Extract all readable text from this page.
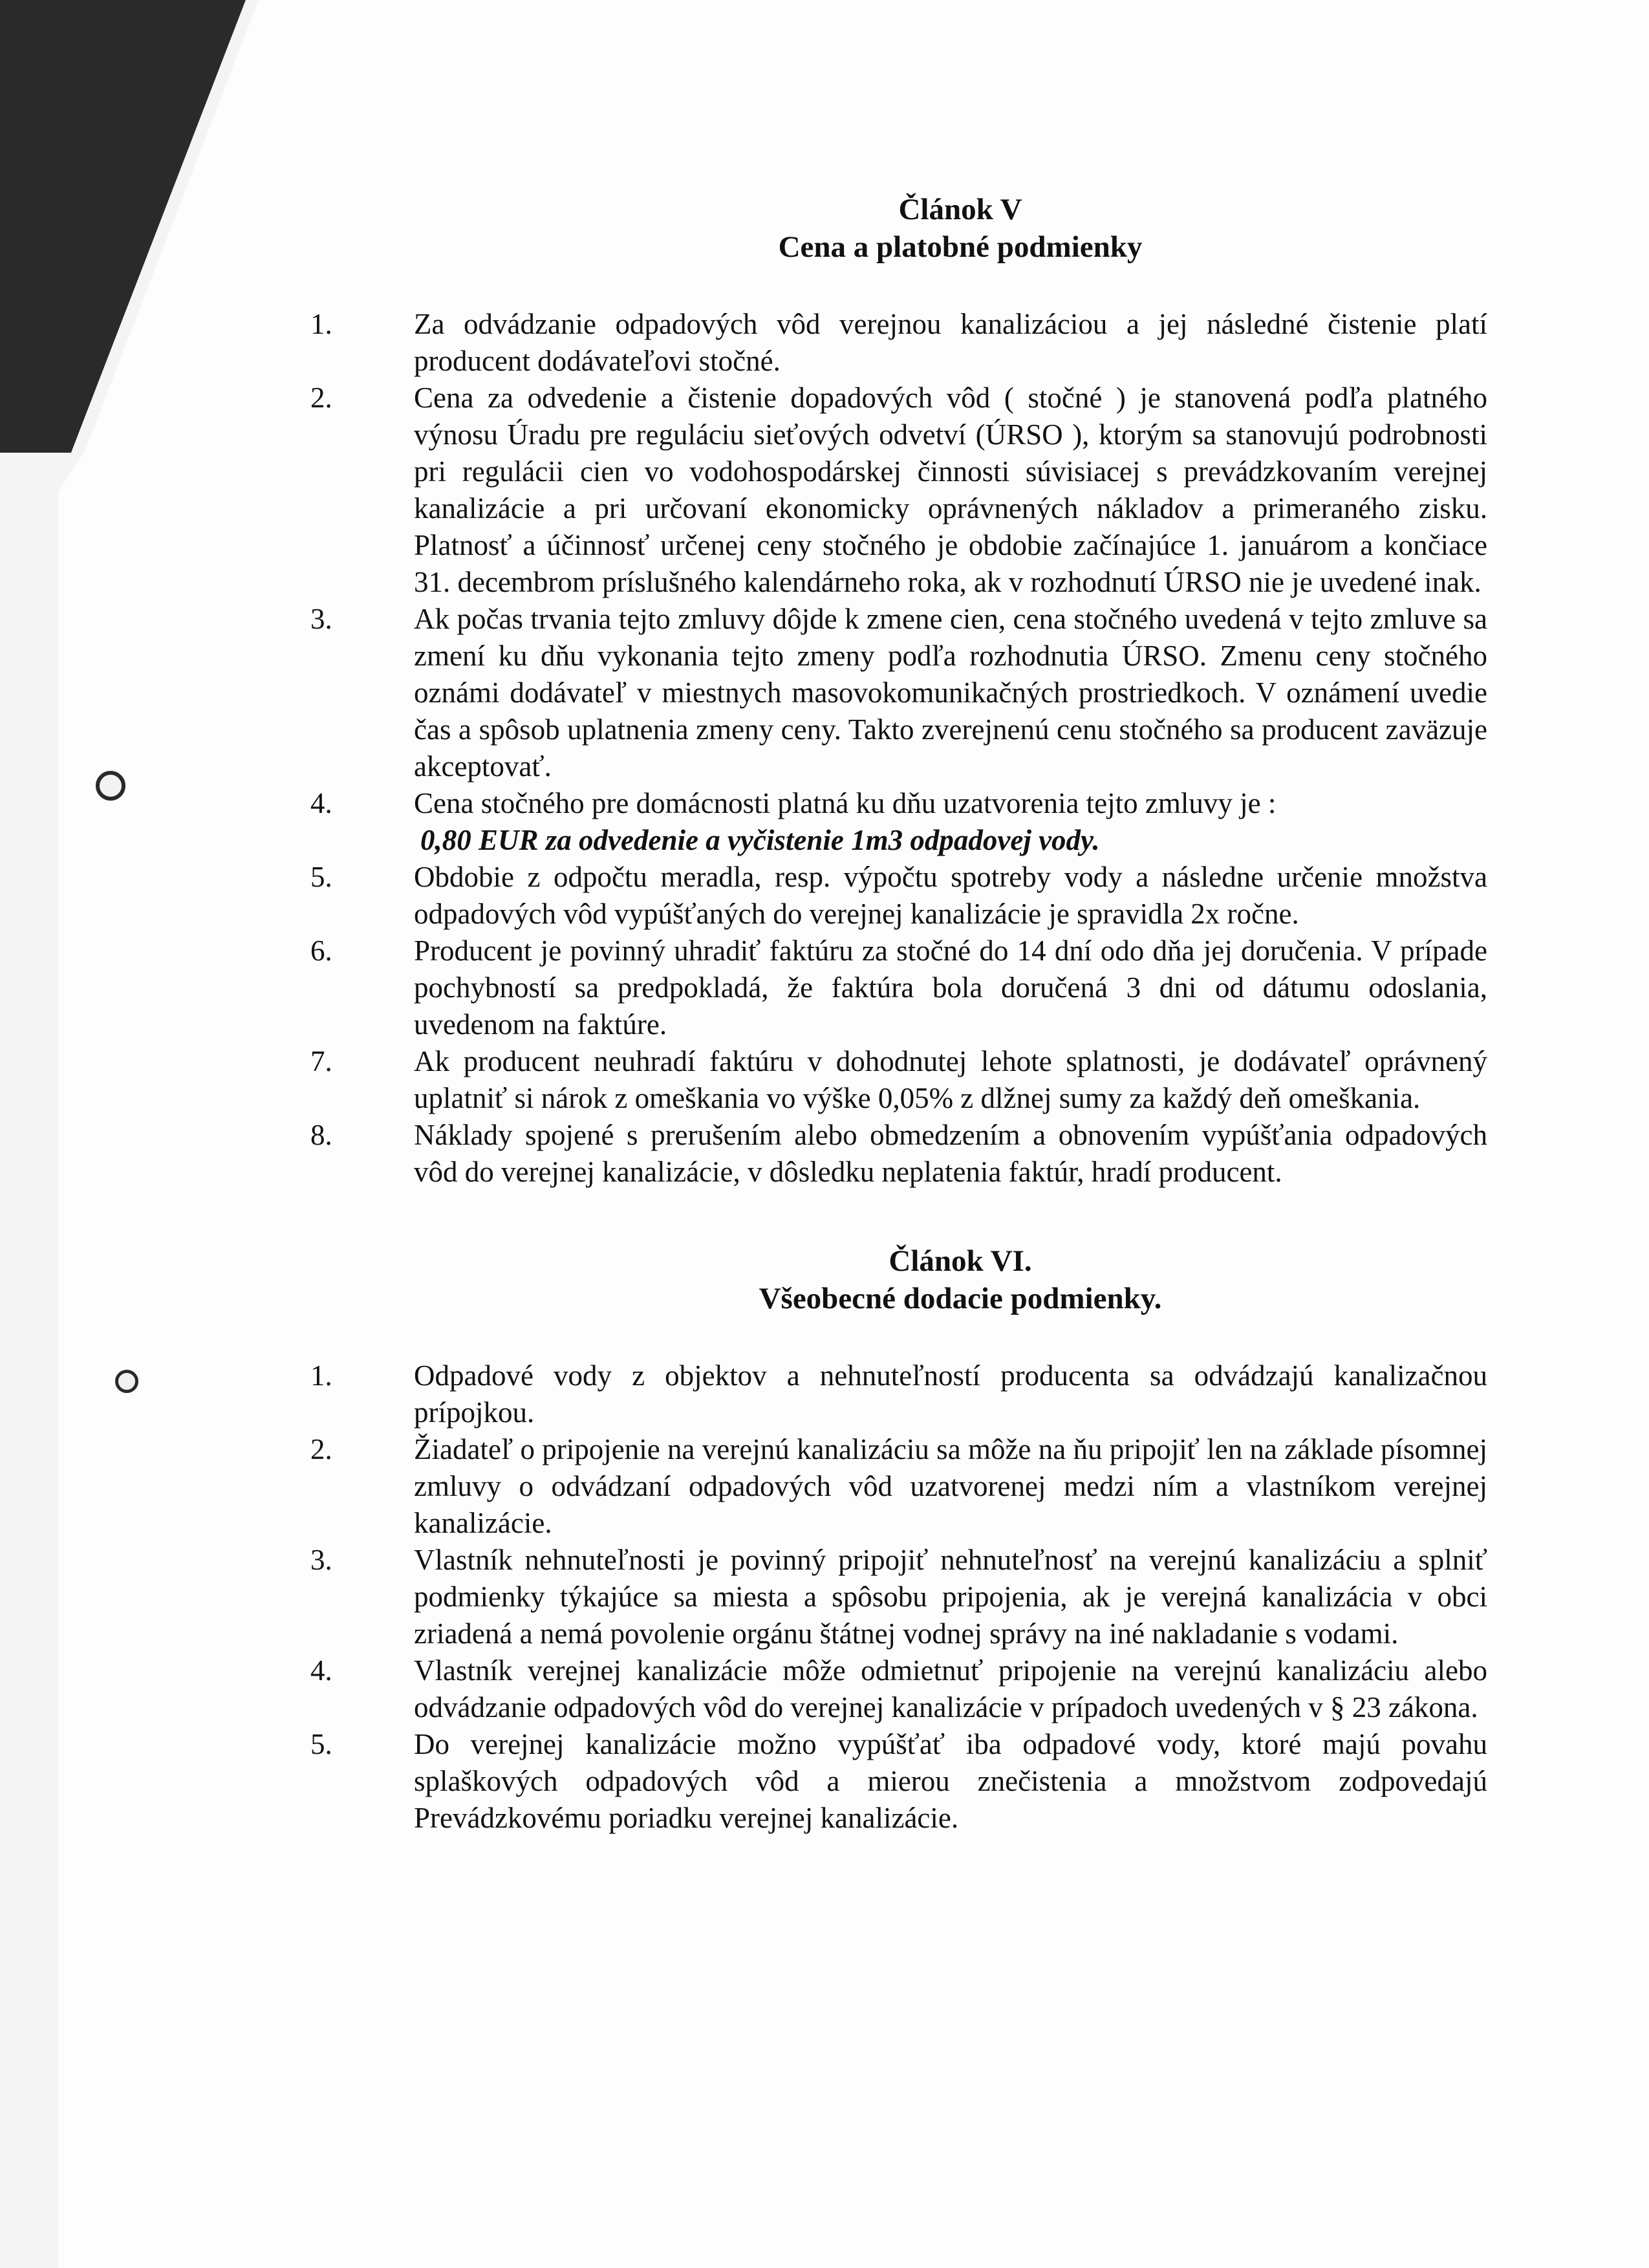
Článok V
Cena a platobné podmienky
1.	Za odvádzanie odpadových vôd verejnou kanalizáciou a jej následné čistenie platí producent dodávateľovi stočné.
2.	Cena za odvedenie a čistenie dopadových vôd ( stočné ) je stanovená podľa platného výnosu Úradu pre reguláciu sieťových odvetví (ÚRSO ), ktorým sa stanovujú podrobnosti pri regulácii cien vo vodohospodárskej činnosti súvisiacej s prevádzkovaním verejnej kanalizácie a pri určovaní ekonomicky oprávnených nákladov a primeraného zisku. Platnosť a účinnosť určenej ceny stočného je obdobie začínajúce 1. januárom a končiace 31. decembrom príslušného kalendárneho roka, ak v rozhodnutí ÚRSO nie je uvedené inak.
3.	Ak počas trvania tejto zmluvy dôjde k zmene cien, cena stočného uvedená v tejto zmluve sa zmení ku dňu vykonania tejto zmeny podľa rozhodnutia ÚRSO. Zmenu ceny stočného oznámi dodávateľ v miestnych masovokomunikačných prostriedkoch. V oznámení uvedie čas a spôsob uplatnenia zmeny ceny. Takto zverejnenú cenu stočného sa producent zaväzuje akceptovať.
4.	Cena stočného pre domácnosti platná ku dňu uzatvorenia tejto zmluvy je :
0,80 EUR za odvedenie a vyčistenie 1m3 odpadovej vody.
5.	Obdobie z odpočtu meradla, resp. výpočtu spotreby vody a následne určenie množstva odpadových vôd vypúšťaných do verejnej kanalizácie je spravidla 2x ročne.
6.	Producent je povinný uhradiť faktúru za stočné do 14 dní odo dňa jej doručenia. V prípade pochybností sa predpokladá, že faktúra bola doručená 3 dni od dátumu odoslania, uvedenom na faktúre.
7.	Ak producent neuhradí faktúru v dohodnutej lehote splatnosti, je dodávateľ oprávnený uplatniť si nárok z omeškania vo výške 0,05% z dlžnej sumy za každý deň omeškania.
8.	Náklady spojené s prerušením alebo obmedzením a obnovením vypúšťania odpadových vôd do verejnej kanalizácie, v dôsledku neplatenia faktúr, hradí producent.
Článok VI.
Všeobecné dodacie podmienky.
1.	Odpadové vody z objektov a nehnuteľností producenta sa odvádzajú kanalizačnou prípojkou.
2.	Žiadateľ o pripojenie na verejnú kanalizáciu sa môže na ňu pripojiť len na základe písomnej zmluvy o odvádzaní odpadových vôd uzatvorenej medzi ním a vlastníkom verejnej kanalizácie.
3.	Vlastník nehnuteľnosti je povinný pripojiť nehnuteľnosť na verejnú kanalizáciu a splniť podmienky týkajúce sa miesta a spôsobu pripojenia, ak je verejná kanalizácia v obci zriadená a nemá povolenie orgánu štátnej vodnej správy na iné nakladanie s vodami.
4.	Vlastník verejnej kanalizácie môže odmietnuť pripojenie na verejnú kanalizáciu alebo odvádzanie odpadových vôd do verejnej kanalizácie v prípadoch uvedených v § 23 zákona.
5.	Do verejnej kanalizácie možno vypúšťať iba odpadové vody, ktoré majú povahu splaškových odpadových vôd a mierou znečistenia a množstvom zodpovedajú Prevádzkovému poriadku verejnej kanalizácie.
